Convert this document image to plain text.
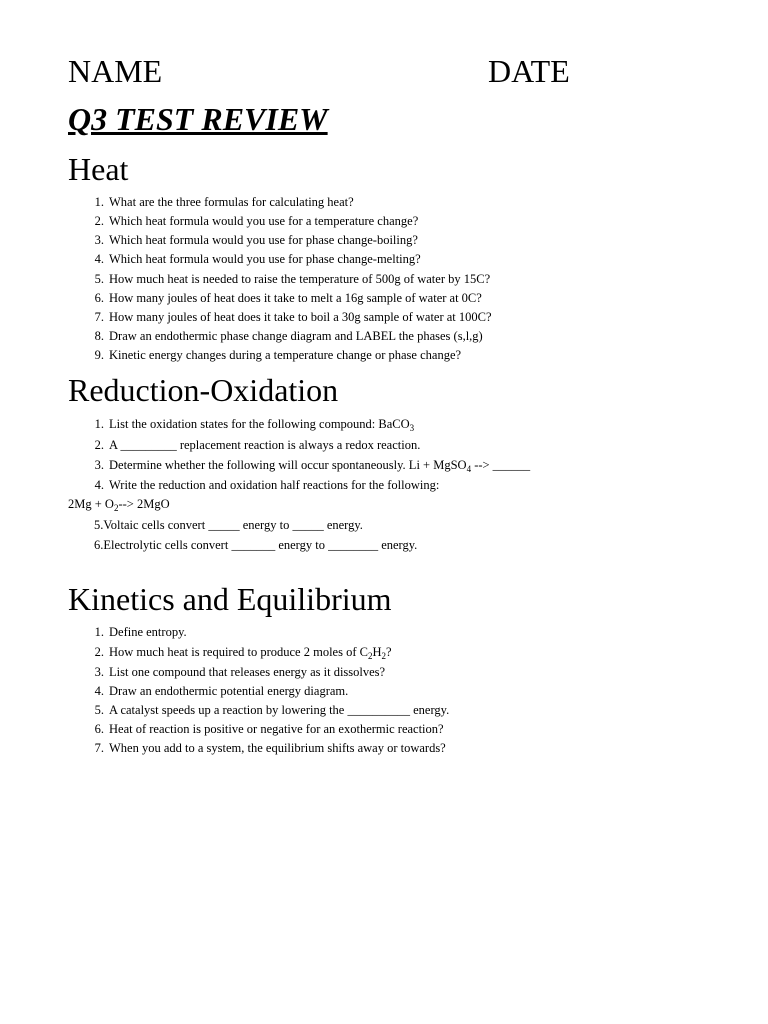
NAME	DATE
Q3 TEST REVIEW
Heat
1. What are the three formulas for calculating heat?
2. Which heat formula would you use for a temperature change?
3. Which heat formula would you use for phase change-boiling?
4. Which heat formula would you use for phase change-melting?
5. How much heat is needed to raise the temperature of 500g of water by 15C?
6. How many joules of heat does it take to melt a 16g sample of water at 0C?
7. How many joules of heat does it take to boil a 30g sample of water at 100C?
8. Draw an endothermic phase change diagram and LABEL the phases (s,l,g)
9. Kinetic energy changes during a temperature change or phase change?
Reduction-Oxidation
1. List the oxidation states for the following compound: BaCO$_3$
2. A _________ replacement reaction is always a redox reaction.
3. Determine whether the following will occur spontaneously. Li + MgSO$_4$ --> ______
4. Write the reduction and oxidation half reactions for the following:
$2Mg + O_2--> 2MgO$
5.Voltaic cells convert _____ energy to _____ energy.
6.Electrolytic cells convert _______ energy to ________ energy.
Kinetics and Equilibrium
1. Define entropy.
2. How much heat is required to produce 2 moles of $C_2H_2$?
3. List one compound that releases energy as it dissolves?
4. Draw an endothermic potential energy diagram.
5. A catalyst speeds up a reaction by lowering the __________ energy.
6. Heat of reaction is positive or negative for an exothermic reaction?
7. When you add to a system, the equilibrium shifts away or towards?
